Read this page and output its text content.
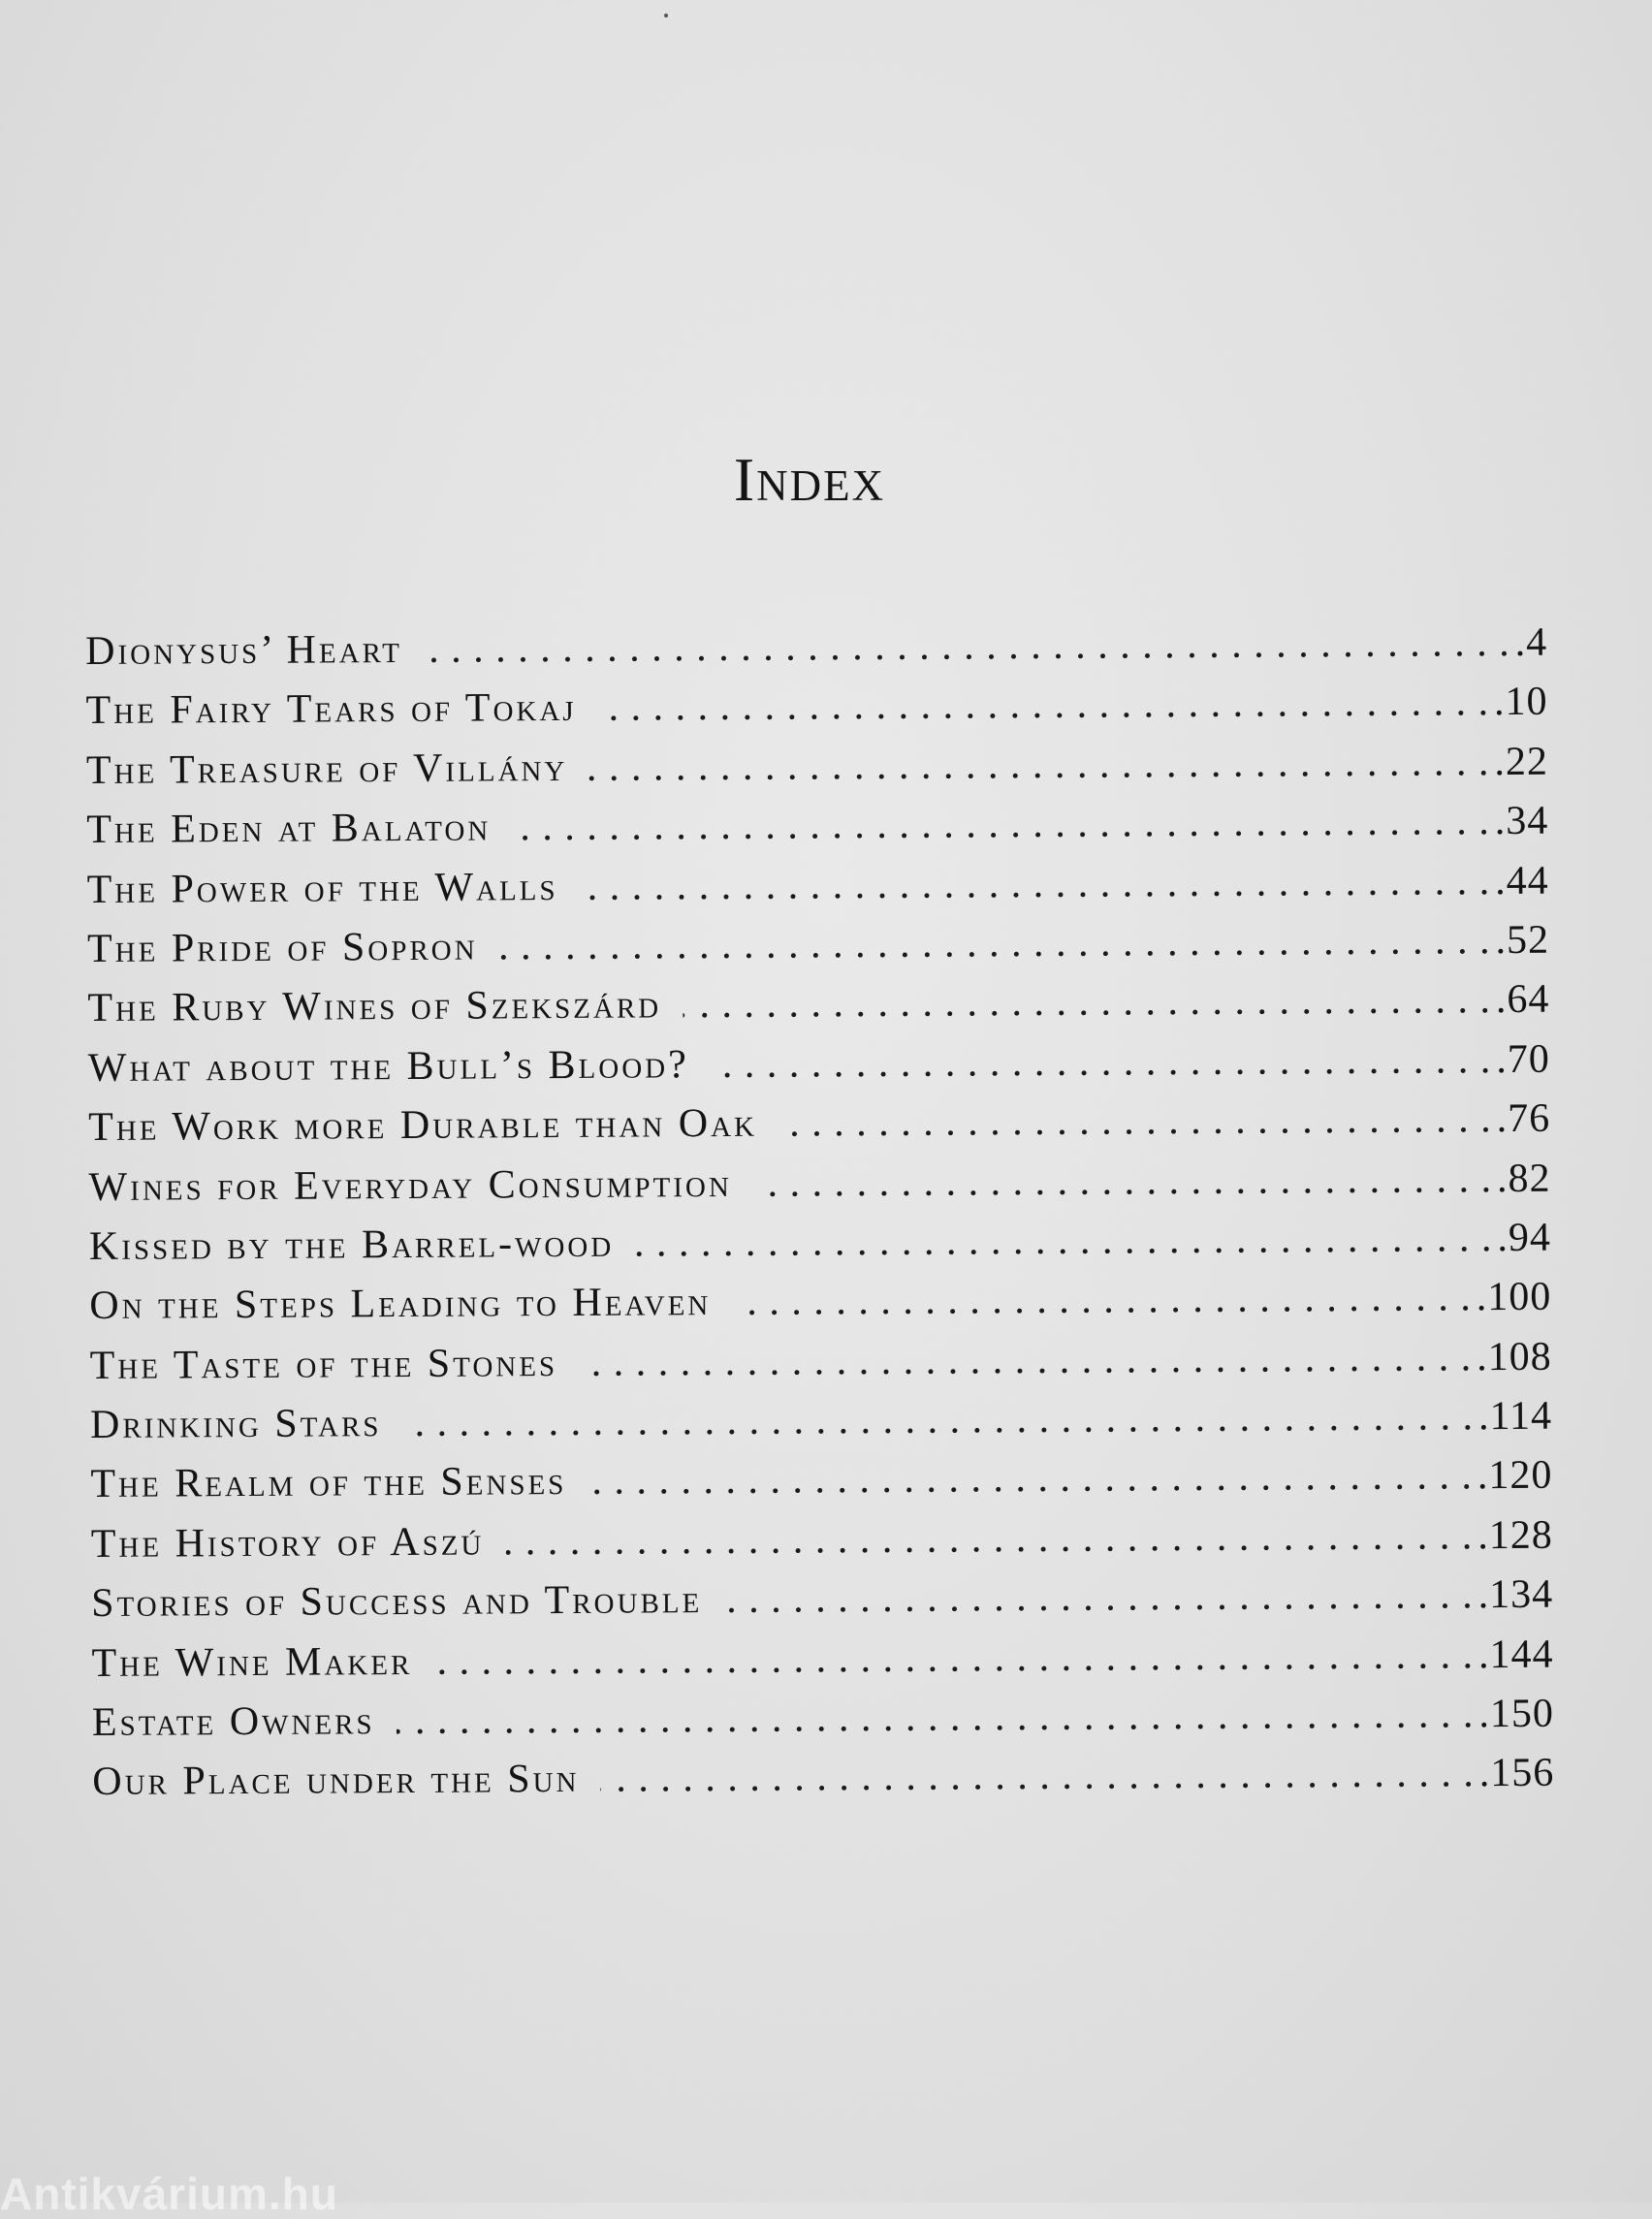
Index
Dionysus’ Heart . . .	.4
The Fairy Tears of Tokaj . . .	.10
The Treasure of Villány . . .	.22
The Eden at Balaton . . .	.34
The Power of the Walls . . .	.44
The Pride of Sopron . . .	.52
The Ruby Wines of Szekszárd . . .	.64
What about the Bull’s Blood? . . .	.70
The Work more Durable than Oak . . .	.76
Wines for Everyday Consumption . . .	.82
Kissed by the Barrel-wood . . .	.94
On the Steps Leading to Heaven . . .	.100
The Taste of the Stones . . .	.108
Drinking Stars . . .	.114
The Realm of the Senses . . .	.120
The History of Aszú . . .	.128
Stories of Success and Trouble . . .	.134
The Wine Maker . . .	.144
Estate Owners . . .	.150
Our Place under the Sun . . .	.156
Antikvárium.hu
